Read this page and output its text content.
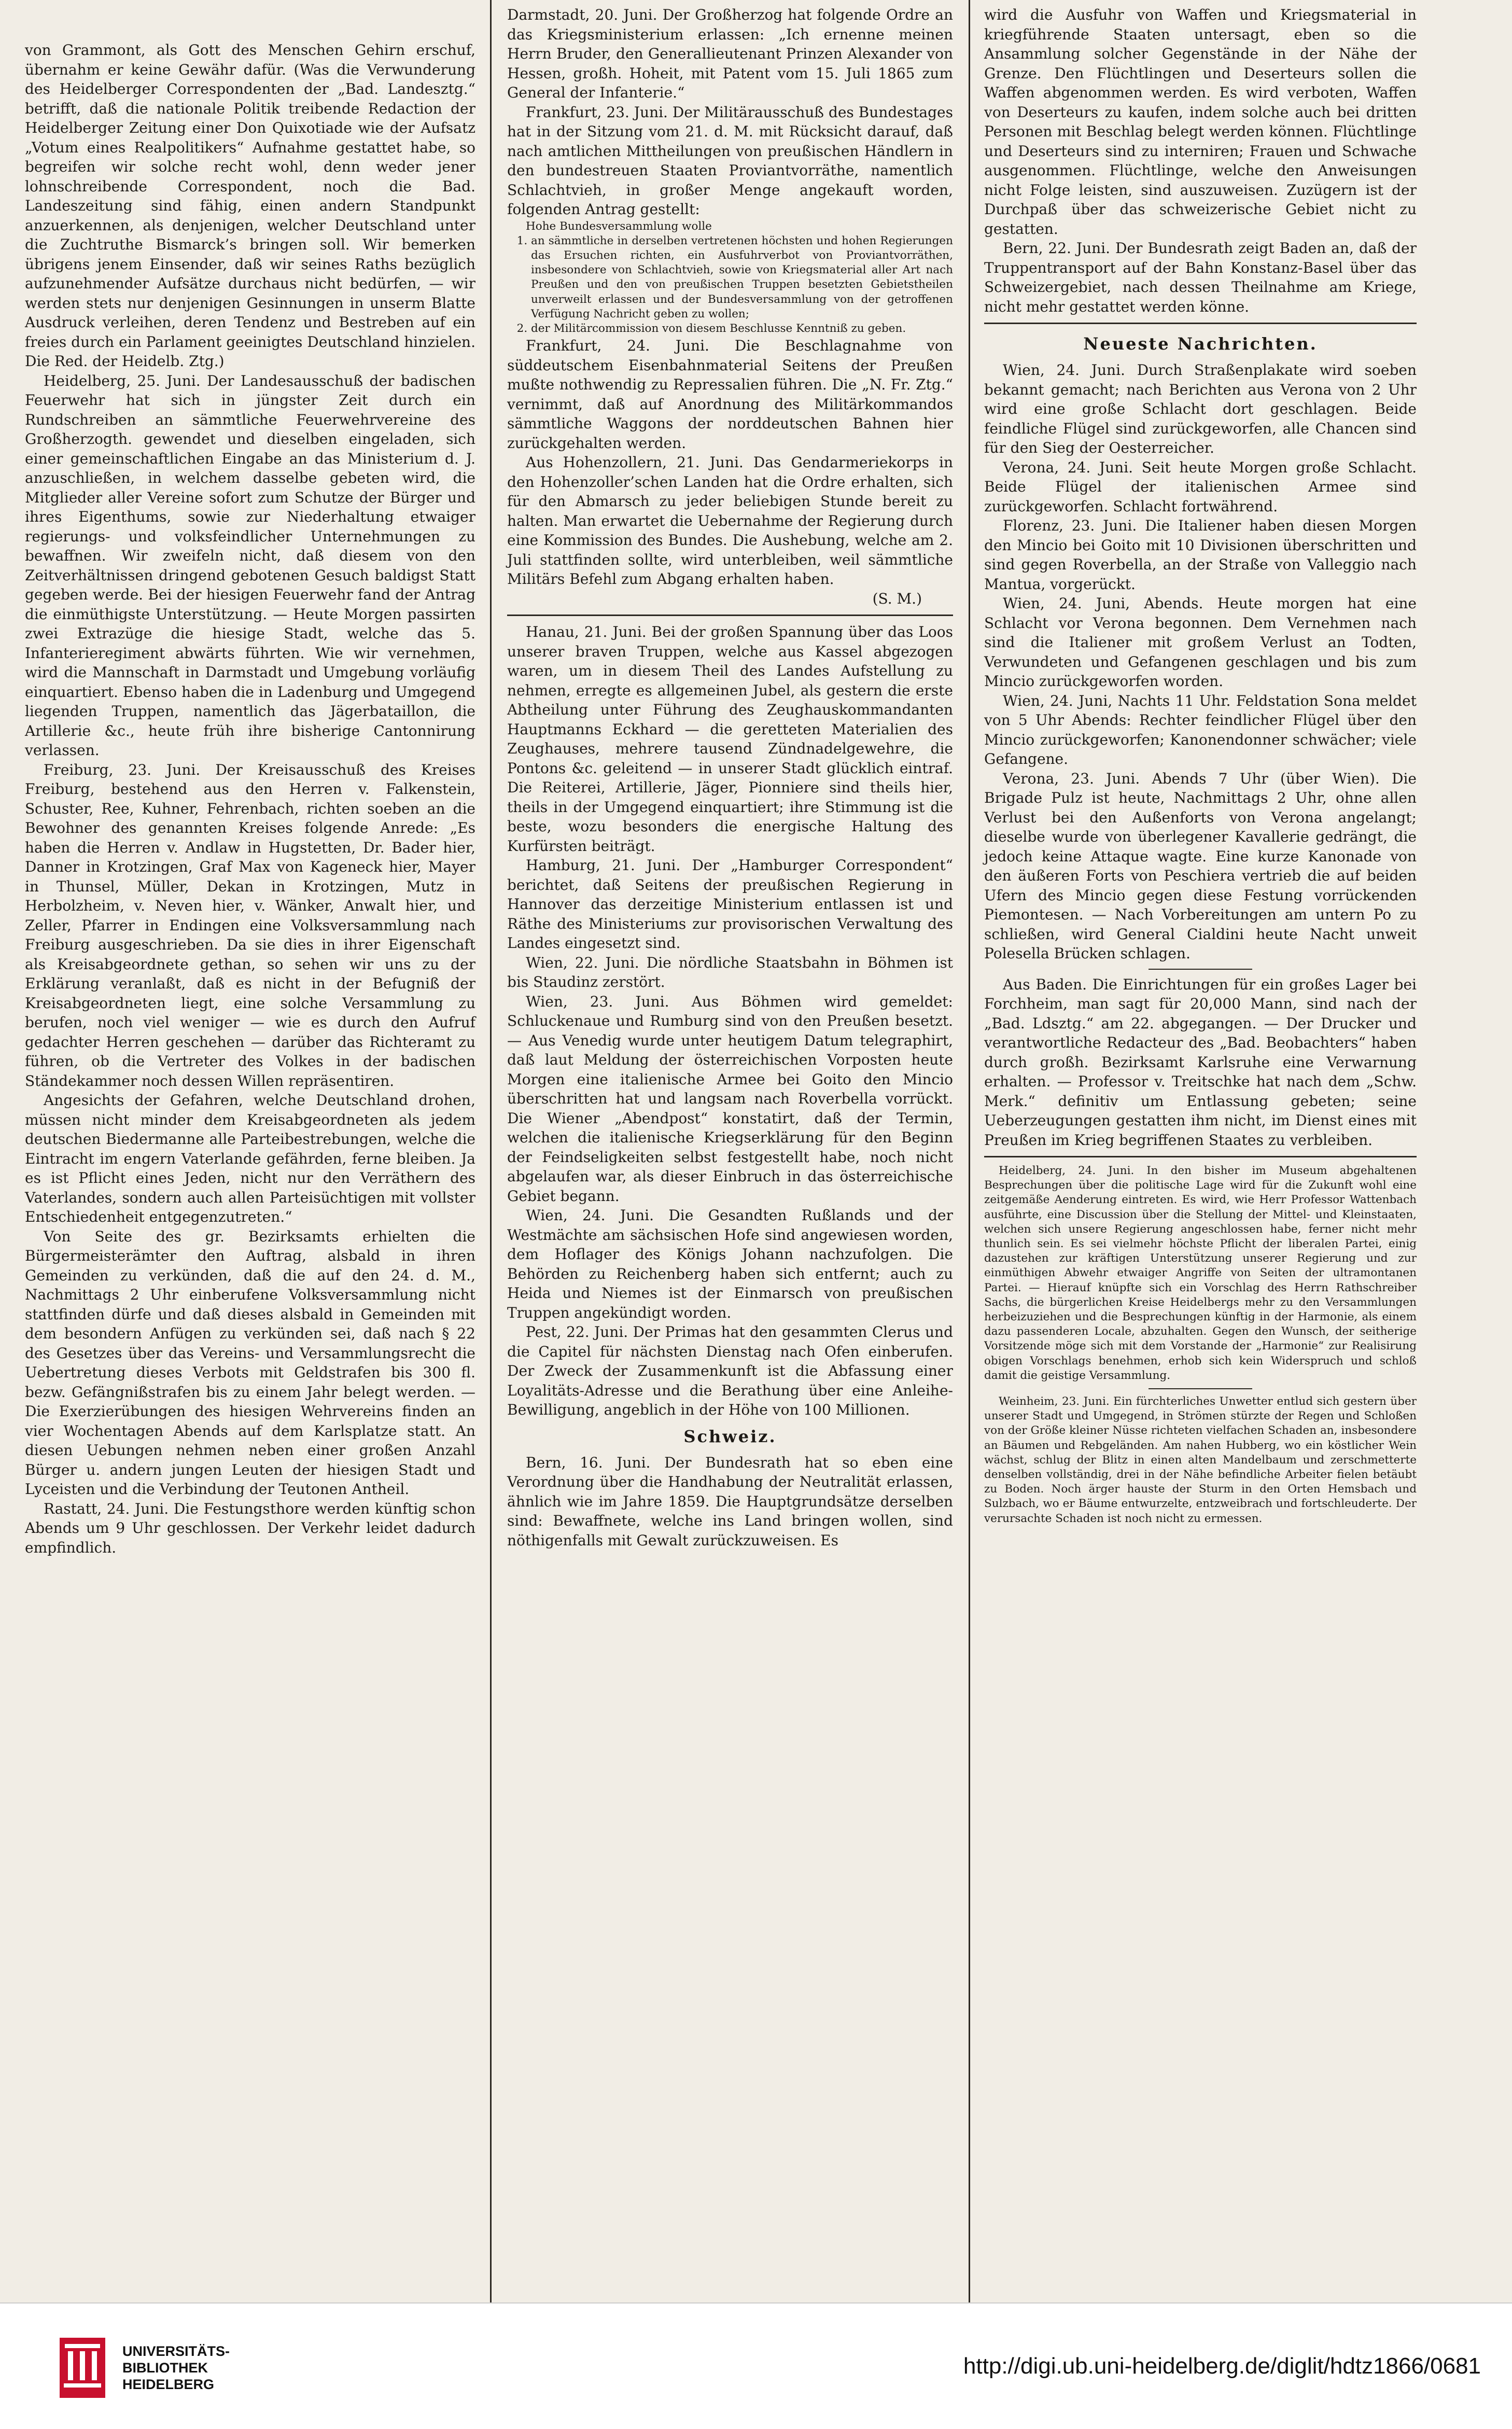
von Grammont, als Gott des Menschen Gehirn erschuf, übernahm er keine Gewähr dafür. (Was die Verwunderung des Heidelberger Correspondenten der „Bad. Landesztg.“ betrifft, daß die nationale Politik treibende Redaction der Heidelberger Zeitung einer Don Quixotiade wie der Aufsatz „Votum eines Realpolitikers“ Aufnahme gestattet habe, so begreifen wir solche recht wohl, denn weder jener lohnschreibende Correspondent, noch die Bad. Landeszeitung sind fähig, einen andern Standpunkt anzuerkennen, als denjenigen, welcher Deutschland unter die Zuchtruthe Bismarck’s bringen soll. Wir bemerken übrigens jenem Einsender, daß wir seines Raths bezüglich aufzunehmender Aufsätze durchaus nicht bedürfen, — wir werden stets nur denjenigen Gesinnungen in unserm Blatte Ausdruck verleihen, deren Tendenz und Bestreben auf ein freies durch ein Parlament geeinigtes Deutschland hinzielen. Die Red. der Heidelb. Ztg.)

Heidelberg, 25. Juni. Der Landesausschuß der badischen Feuerwehr hat sich in jüngster Zeit durch ein Rundschreiben an sämmtliche Feuerwehrvereine des Großherzogth. gewendet und dieselben eingeladen, sich einer gemeinschaftlichen Eingabe an das Ministerium d. J. anzuschließen, in welchem dasselbe gebeten wird, die Mitglieder aller Vereine sofort zum Schutze der Bürger und ihres Eigenthums, sowie zur Niederhaltung etwaiger regierungs- und volksfeindlicher Unternehmungen zu bewaffnen. Wir zweifeln nicht, daß diesem von den Zeitverhältnissen dringend gebotenen Gesuch baldigst Statt gegeben werde. Bei der hiesigen Feuerwehr fand der Antrag die einmüthigste Unterstützung. — Heute Morgen passirten zwei Extrazüge die hiesige Stadt, welche das 5. Infanterieregiment abwärts führten. Wie wir vernehmen, wird die Mannschaft in Darmstadt und Umgebung vorläufig einquartiert. Ebenso haben die in Ladenburg und Umgegend liegenden Truppen, namentlich das Jägerbataillon, die Artillerie &c., heute früh ihre bisherige Cantonnirung verlassen.

Freiburg, 23. Juni. Der Kreisausschuß des Kreises Freiburg, bestehend aus den Herren v. Falkenstein, Schuster, Ree, Kuhner, Fehrenbach, richten soeben an die Bewohner des genannten Kreises folgende Anrede: „Es haben die Herren v. Andlaw in Hugstetten, Dr. Bader hier, Danner in Krotzingen, Graf Max von Kageneck hier, Mayer in Thunsel, Müller, Dekan in Krotzingen, Mutz in Herbolzheim, v. Neven hier, v. Wänker, Anwalt hier, und Zeller, Pfarrer in Endingen eine Volksversammlung nach Freiburg ausgeschrieben. Da sie dies in ihrer Eigenschaft als Kreisabgeordnete gethan, so sehen wir uns zu der Erklärung veranlaßt, daß es nicht in der Befugniß der Kreisabgeordneten liegt, eine solche Versammlung zu berufen, noch viel weniger — wie es durch den Aufruf gedachter Herren geschehen — darüber das Richteramt zu führen, ob die Vertreter des Volkes in der badischen Ständekammer noch dessen Willen repräsentiren.

Angesichts der Gefahren, welche Deutschland drohen, müssen nicht minder dem Kreisabgeordneten als jedem deutschen Biedermanne alle Parteibestrebungen, welche die Eintracht im engern Vaterlande gefährden, ferne bleiben. Ja es ist Pflicht eines Jeden, nicht nur den Verräthern des Vaterlandes, sondern auch allen Parteisüchtigen mit vollster Entschiedenheit entgegenzutreten.“

Von Seite des gr. Bezirksamts erhielten die Bürgermeisterämter den Auftrag, alsbald in ihren Gemeinden zu verkünden, daß die auf den 24. d. M., Nachmittags 2 Uhr einberufene Volksversammlung nicht stattfinden dürfe und daß dieses alsbald in Gemeinden mit dem besondern Anfügen zu verkünden sei, daß nach § 22 des Gesetzes über das Vereins- und Versammlungsrecht die Uebertretung dieses Verbots mit Geldstrafen bis 300 fl. bezw. Gefängnißstrafen bis zu einem Jahr belegt werden. — Die Exerzierübungen des hiesigen Wehrvereins finden an vier Wochentagen Abends auf dem Karlsplatze statt. An diesen Uebungen nehmen neben einer großen Anzahl Bürger u. andern jungen Leuten der hiesigen Stadt und Lyceisten und die Verbindung der Teutonen Antheil.

Rastatt, 24. Juni. Die Festungsthore werden künftig schon Abends um 9 Uhr geschlossen. Der Verkehr leidet dadurch empfindlich.

Darmstadt, 20. Juni. Der Großherzog hat folgende Ordre an das Kriegsministerium erlassen: „Ich ernenne meinen Herrn Bruder, den Generallieutenant Prinzen Alexander von Hessen, großh. Hoheit, mit Patent vom 15. Juli 1865 zum General der Infanterie.“

Frankfurt, 23. Juni. Der Militärausschuß des Bundestages hat in der Sitzung vom 21. d. M. mit Rücksicht darauf, daß nach amtlichen Mittheilungen von preußischen Händlern in den bundestreuen Staaten Proviantvorräthe, namentlich Schlachtvieh, in großer Menge angekauft worden, folgenden Antrag gestellt:

Hohe Bundesversammlung wolle

1. an sämmtliche in derselben vertretenen höchsten und hohen Regierungen das Ersuchen richten, ein Ausfuhrverbot von Proviantvorräthen, insbesondere von Schlachtvieh, sowie von Kriegsmaterial aller Art nach Preußen und den von preußischen Truppen besetzten Gebietstheilen unverweilt erlassen und der Bundesversammlung von der getroffenen Verfügung Nachricht geben zu wollen;
2. der Militärcommission von diesem Beschlusse Kenntniß zu geben.

Frankfurt, 24. Juni. Die Beschlagnahme von süddeutschem Eisenbahnmaterial Seitens der Preußen mußte nothwendig zu Repressalien führen. Die „N. Fr. Ztg.“ vernimmt, daß auf Anordnung des Militärkommandos sämmtliche Waggons der norddeutschen Bahnen hier zurückgehalten werden.

Aus Hohenzollern, 21. Juni. Das Gendarmeriekorps in den Hohenzoller’schen Landen hat die Ordre erhalten, sich für den Abmarsch zu jeder beliebigen Stunde bereit zu halten. Man erwartet die Uebernahme der Regierung durch eine Kommission des Bundes. Die Aushebung, welche am 2. Juli stattfinden sollte, wird unterbleiben, weil sämmtliche Militärs Befehl zum Abgang erhalten haben.

(S. M.)

Hanau, 21. Juni. Bei der großen Spannung über das Loos unserer braven Truppen, welche aus Kassel abgezogen waren, um in diesem Theil des Landes Aufstellung zu nehmen, erregte es allgemeinen Jubel, als gestern die erste Abtheilung unter Führung des Zeughauskommandanten Hauptmanns Eckhard — die geretteten Materialien des Zeughauses, mehrere tausend Zündnadelgewehre, die Pontons &c. geleitend — in unserer Stadt glücklich eintraf. Die Reiterei, Artillerie, Jäger, Pionniere sind theils hier, theils in der Umgegend einquartiert; ihre Stimmung ist die beste, wozu besonders die energische Haltung des Kurfürsten beiträgt.

Hamburg, 21. Juni. Der „Hamburger Correspondent“ berichtet, daß Seitens der preußischen Regierung in Hannover das derzeitige Ministerium entlassen ist und Räthe des Ministeriums zur provisorischen Verwaltung des Landes eingesetzt sind.

Wien, 22. Juni. Die nördliche Staatsbahn in Böhmen ist bis Staudinz zerstört.

Wien, 23. Juni. Aus Böhmen wird gemeldet: Schluckenaue und Rumburg sind von den Preußen besetzt. — Aus Venedig wurde unter heutigem Datum telegraphirt, daß laut Meldung der österreichischen Vorposten heute Morgen eine italienische Armee bei Goito den Mincio überschritten hat und langsam nach Roverbella vorrückt. Die Wiener „Abendpost“ konstatirt, daß der Termin, welchen die italienische Kriegserklärung für den Beginn der Feindseligkeiten selbst festgestellt habe, noch nicht abgelaufen war, als dieser Einbruch in das österreichische Gebiet begann.

Wien, 24. Juni. Die Gesandten Rußlands und der Westmächte am sächsischen Hofe sind angewiesen worden, dem Hoflager des Königs Johann nachzufolgen. Die Behörden zu Reichenberg haben sich entfernt; auch zu Heida und Niemes ist der Einmarsch von preußischen Truppen angekündigt worden.

Pest, 22. Juni. Der Primas hat den gesammten Clerus und die Capitel für nächsten Dienstag nach Ofen einberufen. Der Zweck der Zusammenkunft ist die Abfassung einer Loyalitäts-Adresse und die Berathung über eine Anleihe-Bewilligung, angeblich in der Höhe von 100 Millionen.

Schweiz.

Bern, 16. Juni. Der Bundesrath hat so eben eine Verordnung über die Handhabung der Neutralität erlassen, ähnlich wie im Jahre 1859. Die Hauptgrundsätze derselben sind: Bewaffnete, welche ins Land bringen wollen, sind nöthigenfalls mit Gewalt zurückzuweisen. Es

wird die Ausfuhr von Waffen und Kriegsmaterial in kriegführende Staaten untersagt, eben so die Ansammlung solcher Gegenstände in der Nähe der Grenze. Den Flüchtlingen und Deserteurs sollen die Waffen abgenommen werden. Es wird verboten, Waffen von Deserteurs zu kaufen, indem solche auch bei dritten Personen mit Beschlag belegt werden können. Flüchtlinge und Deserteurs sind zu interniren; Frauen und Schwache ausgenommen. Flüchtlinge, welche den Anweisungen nicht Folge leisten, sind auszuweisen. Zuzügern ist der Durchpaß über das schweizerische Gebiet nicht zu gestatten.

Bern, 22. Juni. Der Bundesrath zeigt Baden an, daß der Truppentransport auf der Bahn Konstanz-Basel über das Schweizergebiet, nach dessen Theilnahme am Kriege, nicht mehr gestattet werden könne.

Neueste Nachrichten.

Wien, 24. Juni. Durch Straßenplakate wird soeben bekannt gemacht; nach Berichten aus Verona von 2 Uhr wird eine große Schlacht dort geschlagen. Beide feindliche Flügel sind zurückgeworfen, alle Chancen sind für den Sieg der Oesterreicher.

Verona, 24. Juni. Seit heute Morgen große Schlacht. Beide Flügel der italienischen Armee sind zurückgeworfen. Schlacht fortwährend.

Florenz, 23. Juni. Die Italiener haben diesen Morgen den Mincio bei Goito mit 10 Divisionen überschritten und sind gegen Roverbella, an der Straße von Valleggio nach Mantua, vorgerückt.

Wien, 24. Juni, Abends. Heute morgen hat eine Schlacht vor Verona begonnen. Dem Vernehmen nach sind die Italiener mit großem Verlust an Todten, Verwundeten und Gefangenen geschlagen und bis zum Mincio zurückgeworfen worden.

Wien, 24. Juni, Nachts 11 Uhr. Feldstation Sona meldet von 5 Uhr Abends: Rechter feindlicher Flügel über den Mincio zurückgeworfen; Kanonendonner schwächer; viele Gefangene.

Verona, 23. Juni. Abends 7 Uhr (über Wien). Die Brigade Pulz ist heute, Nachmittags 2 Uhr, ohne allen Verlust bei den Außenforts von Verona angelangt; dieselbe wurde von überlegener Kavallerie gedrängt, die jedoch keine Attaque wagte. Eine kurze Kanonade von den äußeren Forts von Peschiera vertrieb die auf beiden Ufern des Mincio gegen diese Festung vorrückenden Piemontesen. — Nach Vorbereitungen am untern Po zu schließen, wird General Cialdini heute Nacht unweit Polesella Brücken schlagen.

Aus Baden. Die Einrichtungen für ein großes Lager bei Forchheim, man sagt für 20,000 Mann, sind nach der „Bad. Ldsztg.“ am 22. abgegangen. — Der Drucker und verantwortliche Redacteur des „Bad. Beobachters“ haben durch großh. Bezirksamt Karlsruhe eine Verwarnung erhalten. — Professor v. Treitschke hat nach dem „Schw. Merk.“ definitiv um Entlassung gebeten; seine Ueberzeugungen gestatten ihm nicht, im Dienst eines mit Preußen im Krieg begriffenen Staates zu verbleiben.

Heidelberg, 24. Juni. In den bisher im Museum abgehaltenen Besprechungen über die politische Lage wird für die Zukunft wohl eine zeitgemäße Aenderung eintreten. Es wird, wie Herr Professor Wattenbach ausführte, eine Discussion über die Stellung der Mittel- und Kleinstaaten, welchen sich unsere Regierung angeschlossen habe, ferner nicht mehr thunlich sein. Es sei vielmehr höchste Pflicht der liberalen Partei, einig dazustehen zur kräftigen Unterstützung unserer Regierung und zur einmüthigen Abwehr etwaiger Angriffe von Seiten der ultramontanen Partei. — Hierauf knüpfte sich ein Vorschlag des Herrn Rathschreiber Sachs, die bürgerlichen Kreise Heidelbergs mehr zu den Versammlungen herbeizuziehen und die Besprechungen künftig in der Harmonie, als einem dazu passenderen Locale, abzuhalten. Gegen den Wunsch, der seitherige Vorsitzende möge sich mit dem Vorstande der „Harmonie“ zur Realisirung obigen Vorschlags benehmen, erhob sich kein Widerspruch und schloß damit die geistige Versammlung.

Weinheim, 23. Juni. Ein fürchterliches Unwetter entlud sich gestern über unserer Stadt und Umgegend, in Strömen stürzte der Regen und Schloßen von der Größe kleiner Nüsse richteten vielfachen Schaden an, insbesondere an Bäumen und Rebgeländen. Am nahen Hubberg, wo ein köstlicher Wein wächst, schlug der Blitz in einen alten Mandelbaum und zerschmetterte denselben vollständig, drei in der Nähe befindliche Arbeiter fielen betäubt zu Boden. Noch ärger hauste der Sturm in den Orten Hemsbach und Sulzbach, wo er Bäume entwurzelte, entzweibrach und fortschleuderte. Der verursachte Schaden ist noch nicht zu ermessen.

UNIVERSITÄTS-
BIBLIOTHEK
HEIDELBERG
http://digi.ub.uni-heidelberg.de/diglit/hdtz1866/0681
